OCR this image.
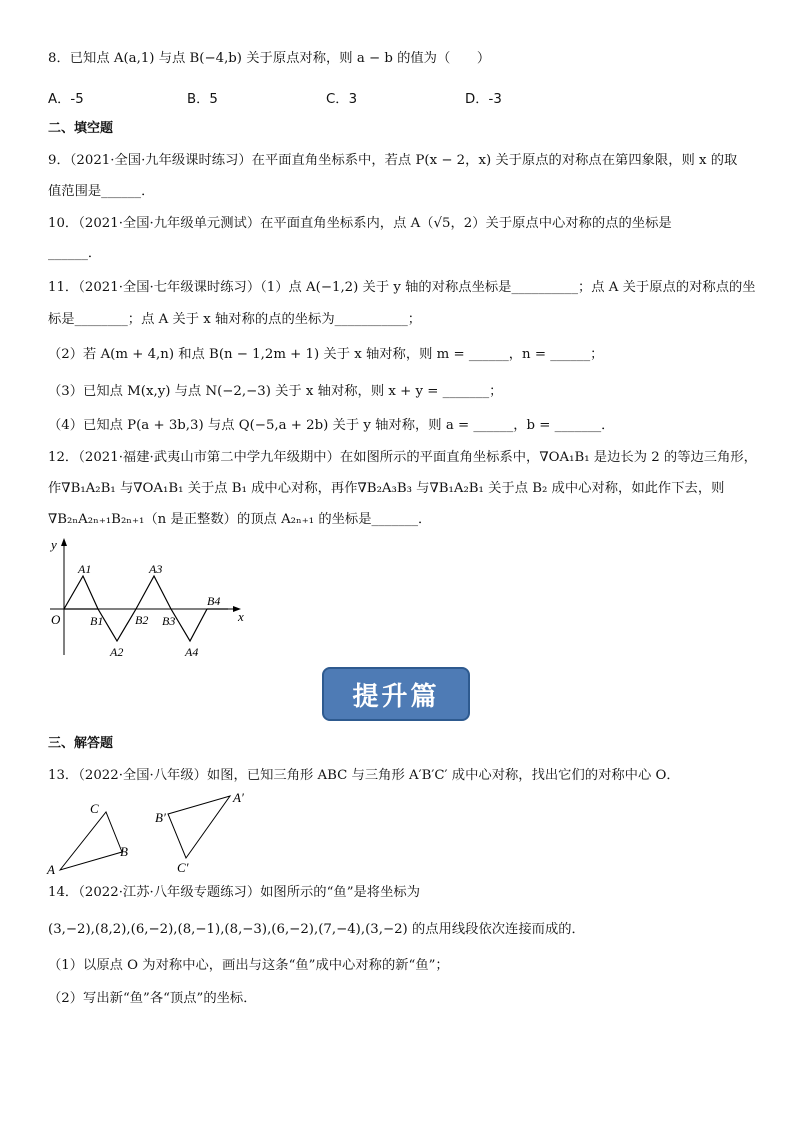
8．已知点 A(a,1) 与点 B(−4,b) 关于原点对称，则 a − b 的值为（　　）
A．-5	B．5	C．3	D．-3
二、填空题
9．（2021·全国·九年级课时练习）在平面直角坐标系中，若点 P(x − 2，x) 关于原点的对称点在第四象限，则 x 的取
值范围是______．
10．（2021·全国·九年级单元测试）在平面直角坐标系内，点 A（√5，2）关于原点中心对称的点的坐标是
______．
11．（2021·全国·七年级课时练习）（1）点 A(−1,2) 关于 y 轴的对称点坐标是__________；点 A 关于原点的对称点的坐
标是________；点 A 关于 x 轴对称的点的坐标为___________；
（2）若 A(m + 4,n) 和点 B(n − 1,2m + 1) 关于 x 轴对称，则 m = ______，n = ______；
（3）已知点 M(x,y) 与点 N(−2,−3) 关于 x 轴对称，则 x + y = _______；
（4）已知点 P(a + 3b,3) 与点 Q(−5,a + 2b) 关于 y 轴对称，则 a = ______，b = _______．
12．（2021·福建·武夷山市第二中学九年级期中）在如图所示的平面直角坐标系中，∇OA₁B₁ 是边长为 2 的等边三角形，
作∇B₁A₂B₁ 与∇OA₁B₁ 关于点 B₁ 成中心对称，再作∇B₂A₃B₃ 与∇B₁A₂B₁ 关于点 B₂ 成中心对称，如此作下去，则
∇B₂ₙA₂ₙ₊₁B₂ₙ₊₁（n 是正整数）的顶点 A₂ₙ₊₁ 的坐标是_______．
y
x
O
A1	A3
B1	B2 B3
B4
A2	A4
提升篇
三、解答题
13．（2022·全国·八年级）如图，已知三角形 ABC 与三角形 A′B′C′ 成中心对称，找出它们的对称中心 O．
C
A
B
B′
A′
C′
14．（2022·江苏·八年级专题练习）如图所示的“鱼”是将坐标为
(3,−2),(8,2),(6,−2),(8,−1),(8,−3),(6,−2),(7,−4),(3,−2) 的点用线段依次连接而成的．
（1）以原点 O 为对称中心，画出与这条“鱼”成中心对称的新“鱼”；
（2）写出新“鱼”各“顶点”的坐标．
